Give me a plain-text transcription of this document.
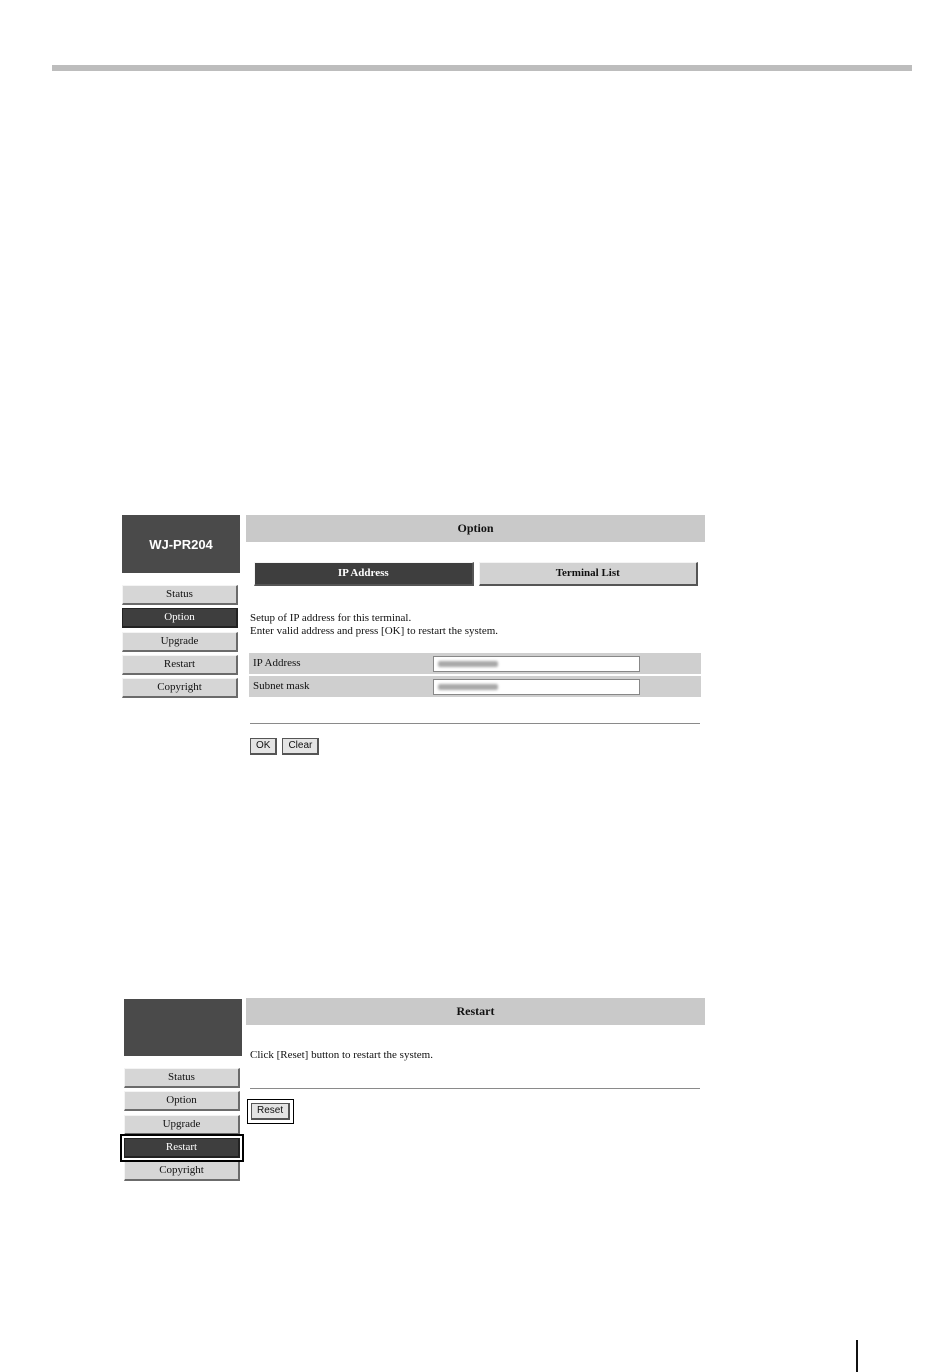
WJ-PR204
Status
Option
Upgrade
Restart
Copyright
Option
IP Address	Terminal List
Setup of IP address for this terminal.
Enter valid address and press [OK] to restart the system.
IP Address
Subnet mask
OK	Clear
Status
Option
Upgrade
Restart
Copyright
Restart
Click [Reset] button to restart the system.
Reset
